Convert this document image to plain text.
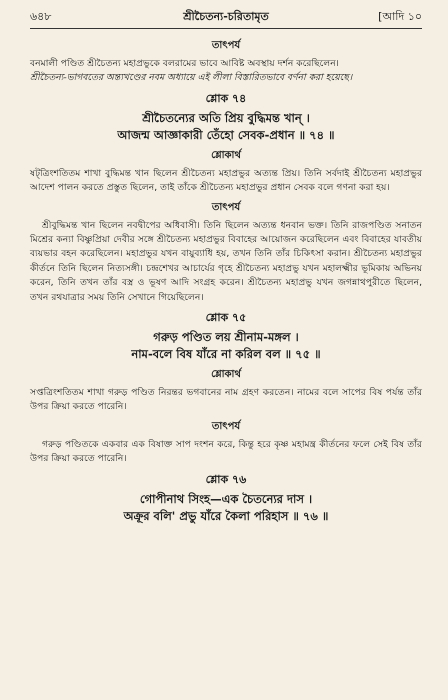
৬৪৮	শ্রীচৈতন্য-চরিতামৃত	[আদি ১০
তাৎপর্য

বনমালী পণ্ডিত শ্রীচৈতন্য মহাপ্রভুকে বলরামের ভাবে আবিষ্ট অবস্থায় দর্শন করেছিলেন।

শ্রীচৈতন্য-ভাগবতের অন্ত্যখণ্ডের নবম অধ্যায়ে এই লীলা বিস্তারিতভাবে বর্ণনা করা হয়েছে।

শ্লোক ৭৪
শ্রীচৈতন্যের অতি প্রিয় বুদ্ধিমন্ত খান্ ।
আজন্ম আজ্ঞাকারী তেঁহো সেবক-প্রধান ॥ ৭৪ ॥
শ্লোকার্থ

ষট্‌ত্রিংশতিতম শাখা বুদ্ধিমন্ত খান ছিলেন শ্রীচৈতন্য মহাপ্রভুর অত্যন্ত প্রিয়। তিনি সর্বদাই শ্রীচৈতন্য মহাপ্রভুর আদেশ পালন করতে প্রস্তুত ছিলেন, তাই তাঁকে শ্রীচৈতন্য মহাপ্রভুর প্রধান সেবক বলে গণনা করা হয়।

তাৎপর্য

শ্রীবুদ্ধিমন্ত খান ছিলেন নবদ্বীপের অধিবাসী। তিনি ছিলেন অত্যন্ত ধনবান ভক্ত। তিনি রাজপণ্ডিত সনাতন মিশ্রের কন্যা বিষ্ণুপ্রিয়া দেবীর সঙ্গে শ্রীচৈতন্য মহাপ্রভুর বিবাহের আয়োজন করেছিলেন এবং বিবাহের যাবতীয় ব্যয়ভার বহন করেছিলেন। মহাপ্রভুর যখন বায়ুব্যাধি হয়, তখন তিনি তাঁর চিকিৎসা করান। শ্রীচৈতন্য মহাপ্রভুর কীর্তনে তিনি ছিলেন নিত্যসঙ্গী। চন্দ্রশেখর আচার্যের গৃহে শ্রীচৈতন্য মহাপ্রভু যখন মহালক্ষ্মীর ভূমিকায় অভিনয় করেন, তিনি তখন তাঁর বস্ত্র ও ভূষণ আদি সংগ্রহ করেন। শ্রীচৈতন্য মহাপ্রভু যখন জগন্নাথপুরীতে ছিলেন, তখন রথযাত্রার সময় তিনি সেখানে গিয়েছিলেন।

শ্লোক ৭৫
গরুড় পণ্ডিত লয় শ্রীনাম-মঙ্গল ।
নাম-বলে বিষ যাঁরে না করিল বল ॥ ৭৫ ॥
শ্লোকার্থ

সপ্তত্রিংশতিতম শাখা গরুড় পণ্ডিত নিরন্তর ভগবানের নাম গ্রহণ করতেন। নামের বলে সাপের বিষ পর্যন্ত তাঁর উপর ক্রিয়া করতে পারেনি।

তাৎপর্য

গরুড় পণ্ডিতকে একবার এক বিষাক্ত সাপ দংশন করে, কিন্তু হরে কৃষ্ণ মহামন্ত্র কীর্তনের ফলে সেই বিষ তাঁর উপর ক্রিয়া করতে পারেনি।

শ্লোক ৭৬
গোপীনাথ সিংহ—এক চৈতন্যের দাস ।
অক্রূর বলি' প্রভু যাঁরে কৈলা পরিহাস ॥ ৭৬ ॥
